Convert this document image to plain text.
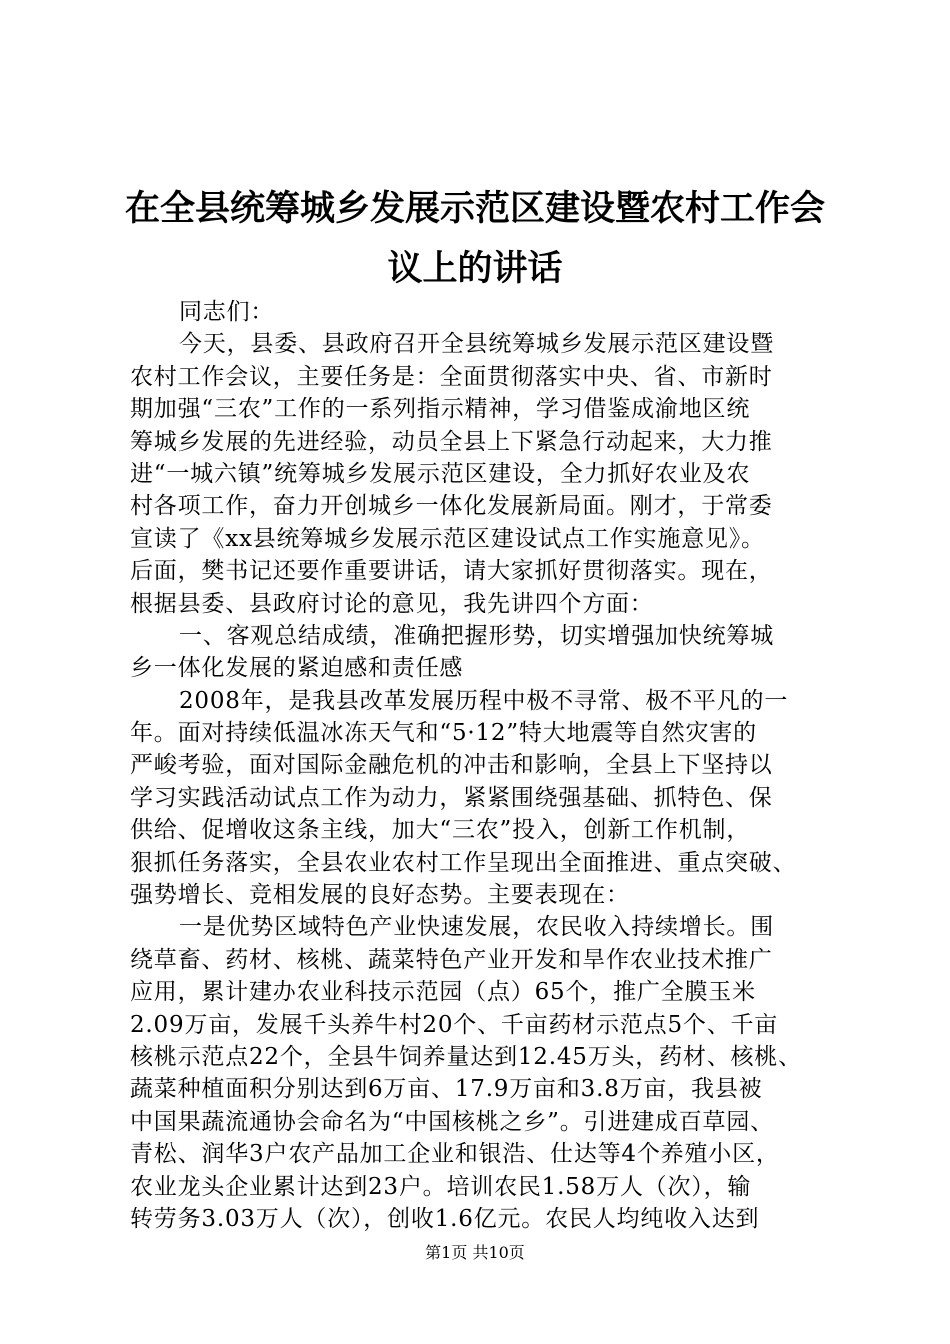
在全县统筹城乡发展示范区建设暨农村工作会
议上的讲话
同志们：
今天，县委、县政府召开全县统筹城乡发展示范区建设暨
农村工作会议，主要任务是：全面贯彻落实中央、省、市新时
期加强“三农”工作的一系列指示精神，学习借鉴成渝地区统
筹城乡发展的先进经验，动员全县上下紧急行动起来，大力推
进“一城六镇”统筹城乡发展示范区建设，全力抓好农业及农
村各项工作，奋力开创城乡一体化发展新局面。刚才，于常委
宣读了《xx县统筹城乡发展示范区建设试点工作实施意见》。
后面，樊书记还要作重要讲话，请大家抓好贯彻落实。现在，
根据县委、县政府讨论的意见，我先讲四个方面：
一、客观总结成绩，准确把握形势，切实增强加快统筹城
乡一体化发展的紧迫感和责任感
2008年，是我县改革发展历程中极不寻常、极不平凡的一
年。面对持续低温冰冻天气和“5·12”特大地震等自然灾害的
严峻考验，面对国际金融危机的冲击和影响，全县上下坚持以
学习实践活动试点工作为动力，紧紧围绕强基础、抓特色、保
供给、促增收这条主线，加大“三农”投入，创新工作机制，
狠抓任务落实，全县农业农村工作呈现出全面推进、重点突破、
强势增长、竞相发展的良好态势。主要表现在：
一是优势区域特色产业快速发展，农民收入持续增长。围
绕草畜、药材、核桃、蔬菜特色产业开发和旱作农业技术推广
应用，累计建办农业科技示范园（点）65个，推广全膜玉米
2.09万亩，发展千头养牛村20个、千亩药材示范点5个、千亩
核桃示范点22个，全县牛饲养量达到12.45万头，药材、核桃、
蔬菜种植面积分别达到6万亩、17.9万亩和3.8万亩，我县被
中国果蔬流通协会命名为“中国核桃之乡”。引进建成百草园、
青松、润华3户农产品加工企业和银浩、仕达等4个养殖小区，
农业龙头企业累计达到23户。培训农民1.58万人（次），输
转劳务3.03万人（次），创收1.6亿元。农民人均纯收入达到
第1页 共10页
